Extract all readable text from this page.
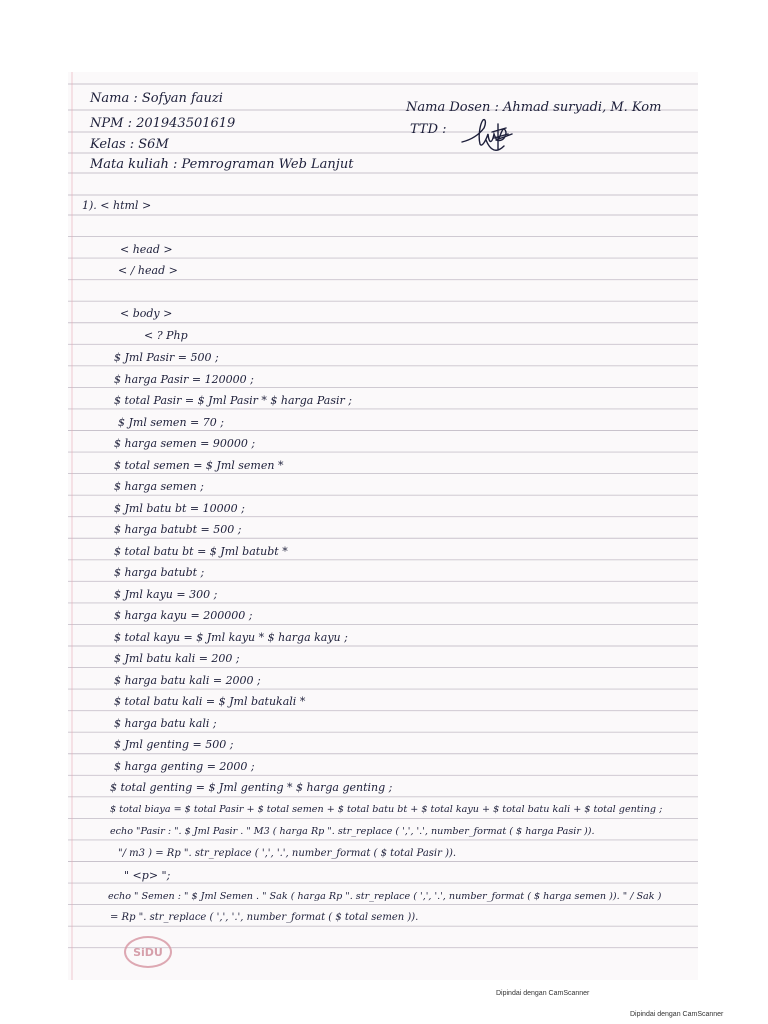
Nama : Sofyan fauzi
NPM : 201943501619
Kelas : S6M
Mata kuliah : Pemrograman Web Lanjut
Nama Dosen : Ahmad suryadi, M. Kom
TTD :
1). < html >
< head >
< / head >
< body >
< ? Php
$ Jml Pasir = 500 ;
$ harga Pasir = 120000 ;
$ total Pasir = $ Jml Pasir * $ harga Pasir ;
$ Jml semen = 70 ;
$ harga semen = 90000 ;
$ total semen = $ Jml semen *
$ harga semen ;
$ Jml batu bt = 10000 ;
$ harga batubt = 500 ;
$ total batu bt = $ Jml batubt *
$ harga batubt ;
$ Jml kayu = 300 ;
$ harga kayu = 200000 ;
$ total kayu = $ Jml kayu * $ harga kayu ;
$ Jml batu kali = 200 ;
$ harga batu kali = 2000 ;
$ total batu kali = $ Jml batukali *
$ harga batu kali ;
$ Jml genting = 500 ;
$ harga genting = 2000 ;
$ total genting = $ Jml genting * $ harga genting ;
$ total biaya = $ total Pasir + $ total semen + $ total batu bt + $ total kayu + $ total batu kali + $ total genting ;
echo "Pasir : ". $ Jml Pasir . " M3 ( harga Rp ". str_replace ( ',', '.', number_format ( $ harga Pasir )).
"/ m3 ) = Rp ". str_replace ( ',', '.', number_format ( $ total Pasir )).
" <p> ";
echo " Semen : " $ Jml Semen . " Sak ( harga Rp ". str_replace ( ',', '.', number_format ( $ harga semen )). " / Sak )
= Rp ". str_replace ( ',', '.', number_format ( $ total semen )).
SiDU
Dipindai dengan CamScanner
Dipindai dengan CamScanner
